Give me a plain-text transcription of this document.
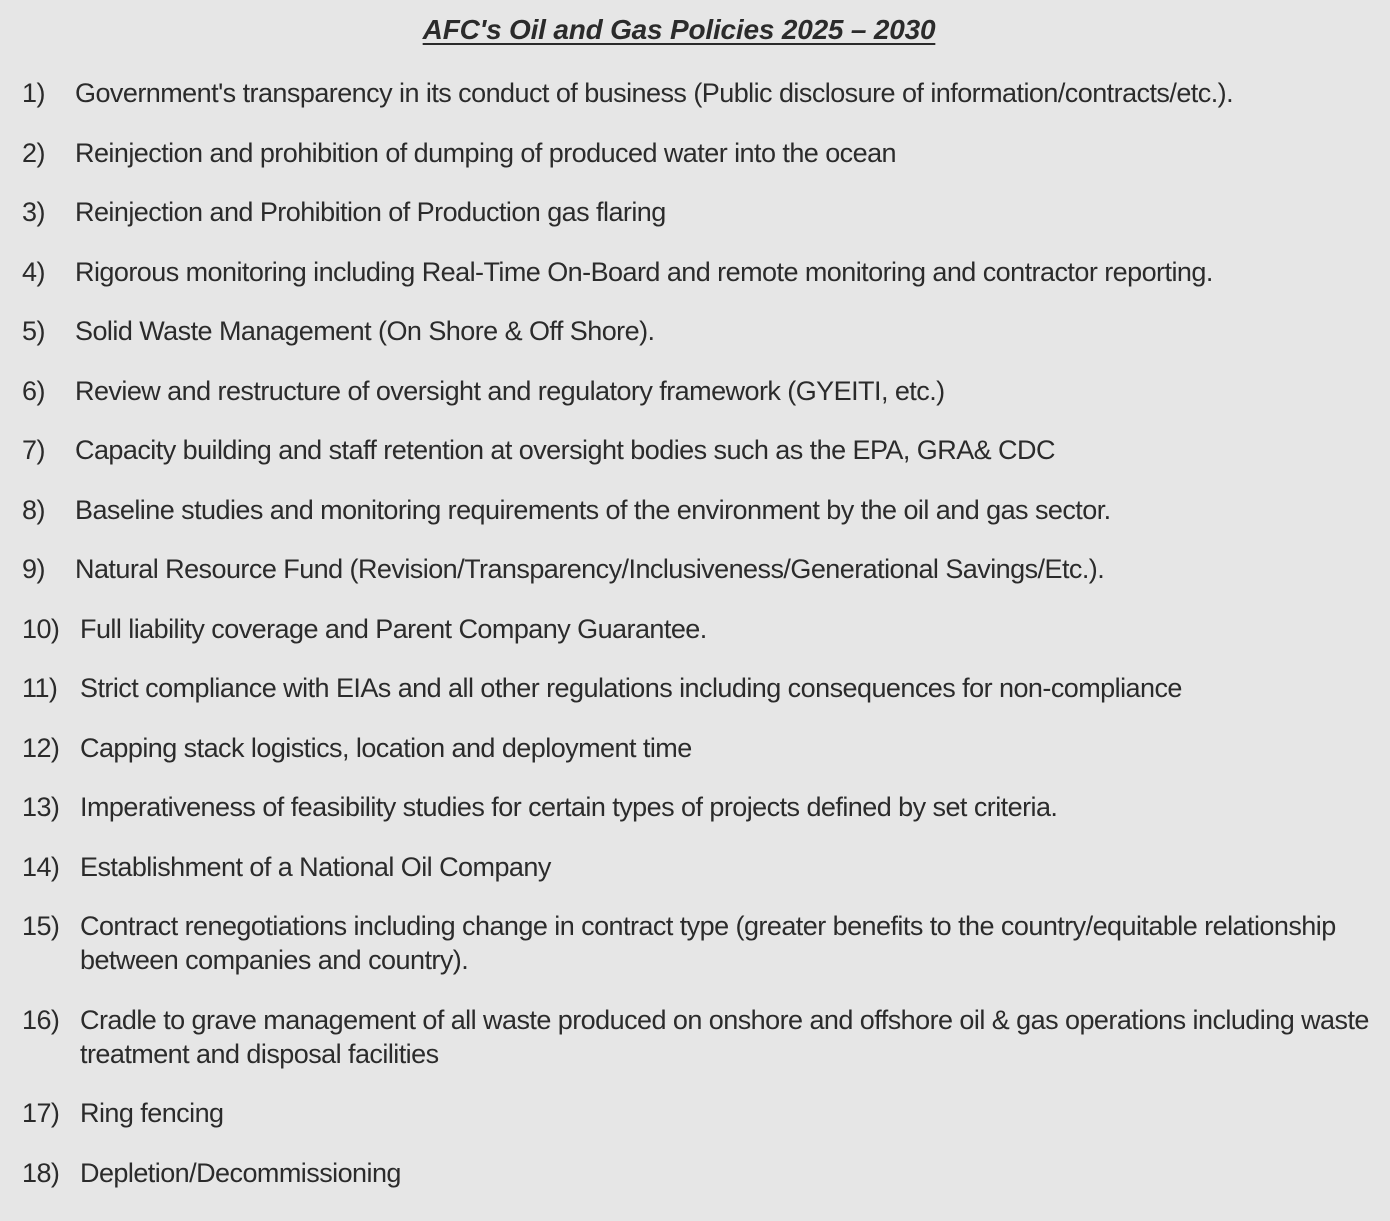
AFC's Oil and Gas Policies 2025 – 2030
1)	Government's transparency in its conduct of business (Public disclosure of information/contracts/etc.).
2)	Reinjection and prohibition of dumping of produced water into the ocean
3)	Reinjection and Prohibition of Production gas flaring
4)	Rigorous monitoring including Real-Time On-Board and remote monitoring and contractor reporting.
5)	Solid Waste Management (On Shore & Off Shore).
6)	Review and restructure of oversight and regulatory framework (GYEITI, etc.)
7)	Capacity building and staff retention at oversight bodies such as the EPA, GRA& CDC
8)	Baseline studies and monitoring requirements of the environment by the oil and gas sector.
9)	Natural Resource Fund (Revision/Transparency/Inclusiveness/Generational Savings/Etc.).
10) Full liability coverage and Parent Company Guarantee.
11) Strict compliance with EIAs and all other regulations including consequences for non-compliance
12) Capping stack logistics, location and deployment time
13) Imperativeness of feasibility studies for certain types of projects defined by set criteria.
14) Establishment of a National Oil Company
15) Contract renegotiations including change in contract type (greater benefits to the country/equitable relationship between companies and country).
16) Cradle to grave management of all waste produced on onshore and offshore oil & gas operations including waste treatment and disposal facilities
17) Ring fencing
18) Depletion/Decommissioning
